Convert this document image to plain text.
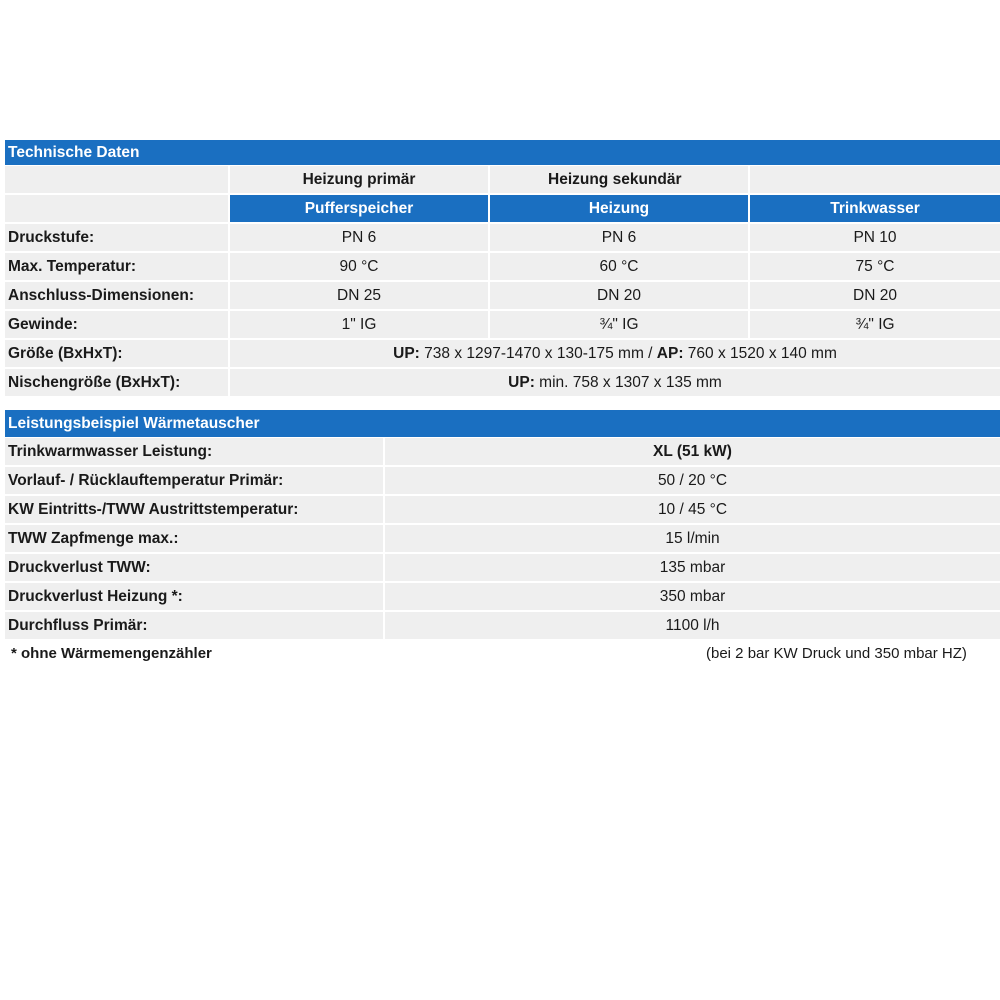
Technische Daten			
	Heizung primär	Heizung sekundär	
	Pufferspeicher	Heizung	Trinkwasser
Druckstufe:	PN 6	PN 6	PN 10
Max. Temperatur:	90 °C	60 °C	75 °C
Anschluss-Dimensionen:	DN 25	DN 20	DN 20
Gewinde:	1" IG	¾" IG	¾" IG
Größe (BxHxT):	UP: 738 x 1297-1470 x 130-175 mm / AP: 760 x 1520 x 140 mm		
Nischengröße (BxHxT):	UP: min. 758 x 1307 x 135 mm		
Leistungsbeispiel Wärmetauscher	
Trinkwarmwasser Leistung:	XL (51 kW)
Vorlauf- / Rücklauftemperatur Primär:	50 / 20 °C
KW Eintritts-/TWW Austrittstemperatur:	10 / 45 °C
TWW Zapfmenge max.:	15 l/min
Druckverlust TWW:	135 mbar
Druckverlust Heizung *:	350 mbar
Durchfluss Primär:	1100 l/h
* ohne Wärmemengenzähler	(bei 2 bar KW Druck und 350 mbar HZ)
